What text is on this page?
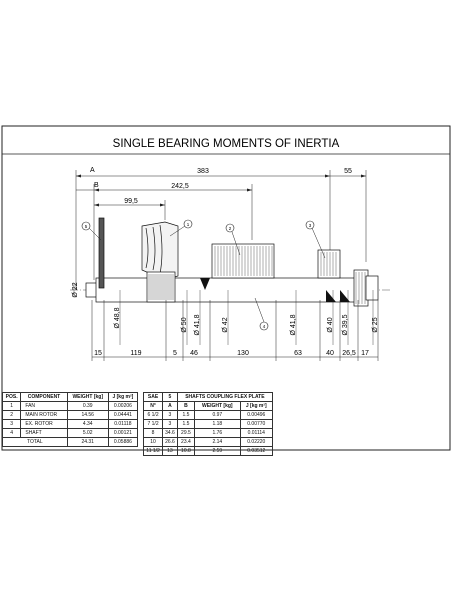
SINGLE BEARING MOMENTS OF INERTIA
A
B
383	55
242,5
99,5
5	1
2
3
4
Ø 22
Ø 48,8	Ø 50 Ø 41,8	Ø 42	Ø 41,8	Ø 40 Ø 39,5	Ø 25
15	119	5 46	130	63	40 26,5 17
POS.	COMPONENT	WEIGHT [kg]	J [kg m²]
1	FAN	0.39	0.00206
2	MAIN ROTOR	14.56	0.04441
3	EX. ROTOR	4.34	0.01118
4	SHAFT	5.02	0.00121
TOTAL		24.31	0.05886
SAE	5	SHAFTS COUPLING FLEX PLATE		
N°	A	B	WEIGHT [kg]	J [kg m²]
6 1/2	3	1.5	0.97	0.00496
7 1/2	3	1.5	1.18	0.00770
8	34.6	29.5	1.76	0.01114
10	26.6	23.4	2.14	0.02220
11 1/2	13	10.8	2.59	0.03512
